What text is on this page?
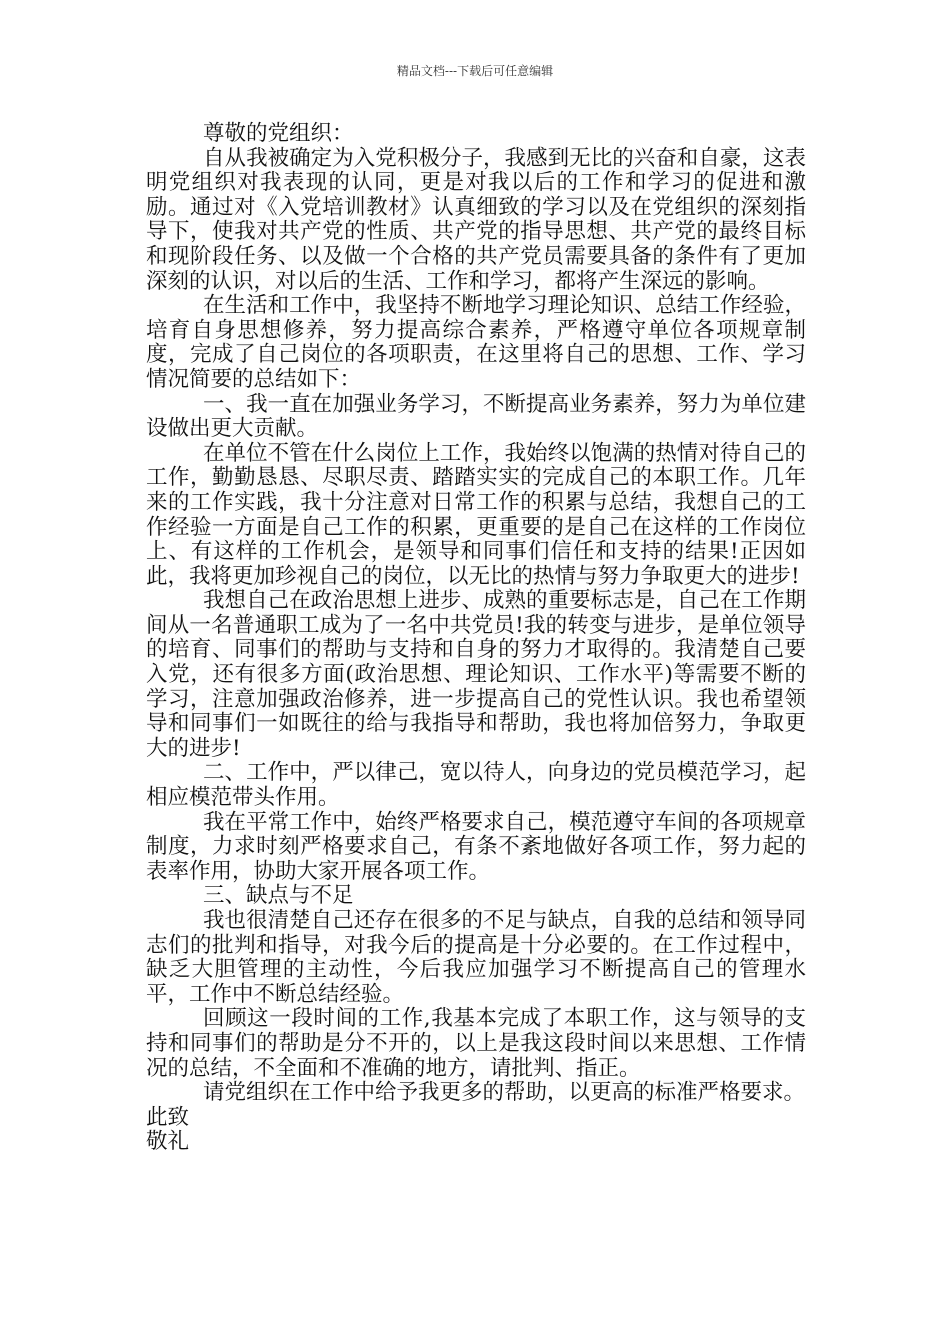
精品文档---下载后可任意编辑

尊敬的党组织：

自从我被确定为入党积极分子，我感到无比的兴奋和自豪，这表明党组织对我表现的认同，更是对我以后的工作和学习的促进和激励。通过对《入党培训教材》认真细致的学习以及在党组织的深刻指导下，使我对共产党的性质、共产党的指导思想、共产党的最终目标和现阶段任务、以及做一个合格的共产党员需要具备的条件有了更加深刻的认识，对以后的生活、工作和学习，都将产生深远的影响。

在生活和工作中，我坚持不断地学习理论知识、总结工作经验，培育自身思想修养，努力提高综合素养，严格遵守单位各项规章制度，完成了自己岗位的各项职责，在这里将自己的思想、工作、学习情况简要的总结如下：

一、我一直在加强业务学习，不断提高业务素养，努力为单位建设做出更大贡献。

在单位不管在什么岗位上工作，我始终以饱满的热情对待自己的工作，勤勤恳恳、尽职尽责、踏踏实实的完成自己的本职工作。几年来的工作实践，我十分注意对日常工作的积累与总结，我想自己的工作经验一方面是自己工作的积累，更重要的是自己在这样的工作岗位上、有这样的工作机会，是领导和同事们信任和支持的结果!正因如此，我将更加珍视自己的岗位，以无比的热情与努力争取更大的进步!

我想自己在政治思想上进步、成熟的重要标志是，自己在工作期间从一名普通职工成为了一名中共党员!我的转变与进步，是单位领导的培育、同事们的帮助与支持和自身的努力才取得的。我清楚自己要入党，还有很多方面(政治思想、理论知识、工作水平)等需要不断的学习，注意加强政治修养，进一步提高自己的党性认识。我也希望领导和同事们一如既往的给与我指导和帮助，我也将加倍努力，争取更大的进步!

二、工作中，严以律己，宽以待人，向身边的党员模范学习，起相应模范带头作用。

我在平常工作中，始终严格要求自己，模范遵守车间的各项规章制度，力求时刻严格要求自己，有条不紊地做好各项工作，努力起的表率作用，协助大家开展各项工作。

三、缺点与不足

我也很清楚自己还存在很多的不足与缺点，自我的总结和领导同志们的批判和指导，对我今后的提高是十分必要的。在工作过程中，缺乏大胆管理的主动性，今后我应加强学习不断提高自己的管理水平，工作中不断总结经验。

回顾这一段时间的工作,我基本完成了本职工作，这与领导的支持和同事们的帮助是分不开的，以上是我这段时间以来思想、工作情况的总结，不全面和不准确的地方，请批判、指正。

请党组织在工作中给予我更多的帮助，以更高的标准严格要求。

此致

敬礼
